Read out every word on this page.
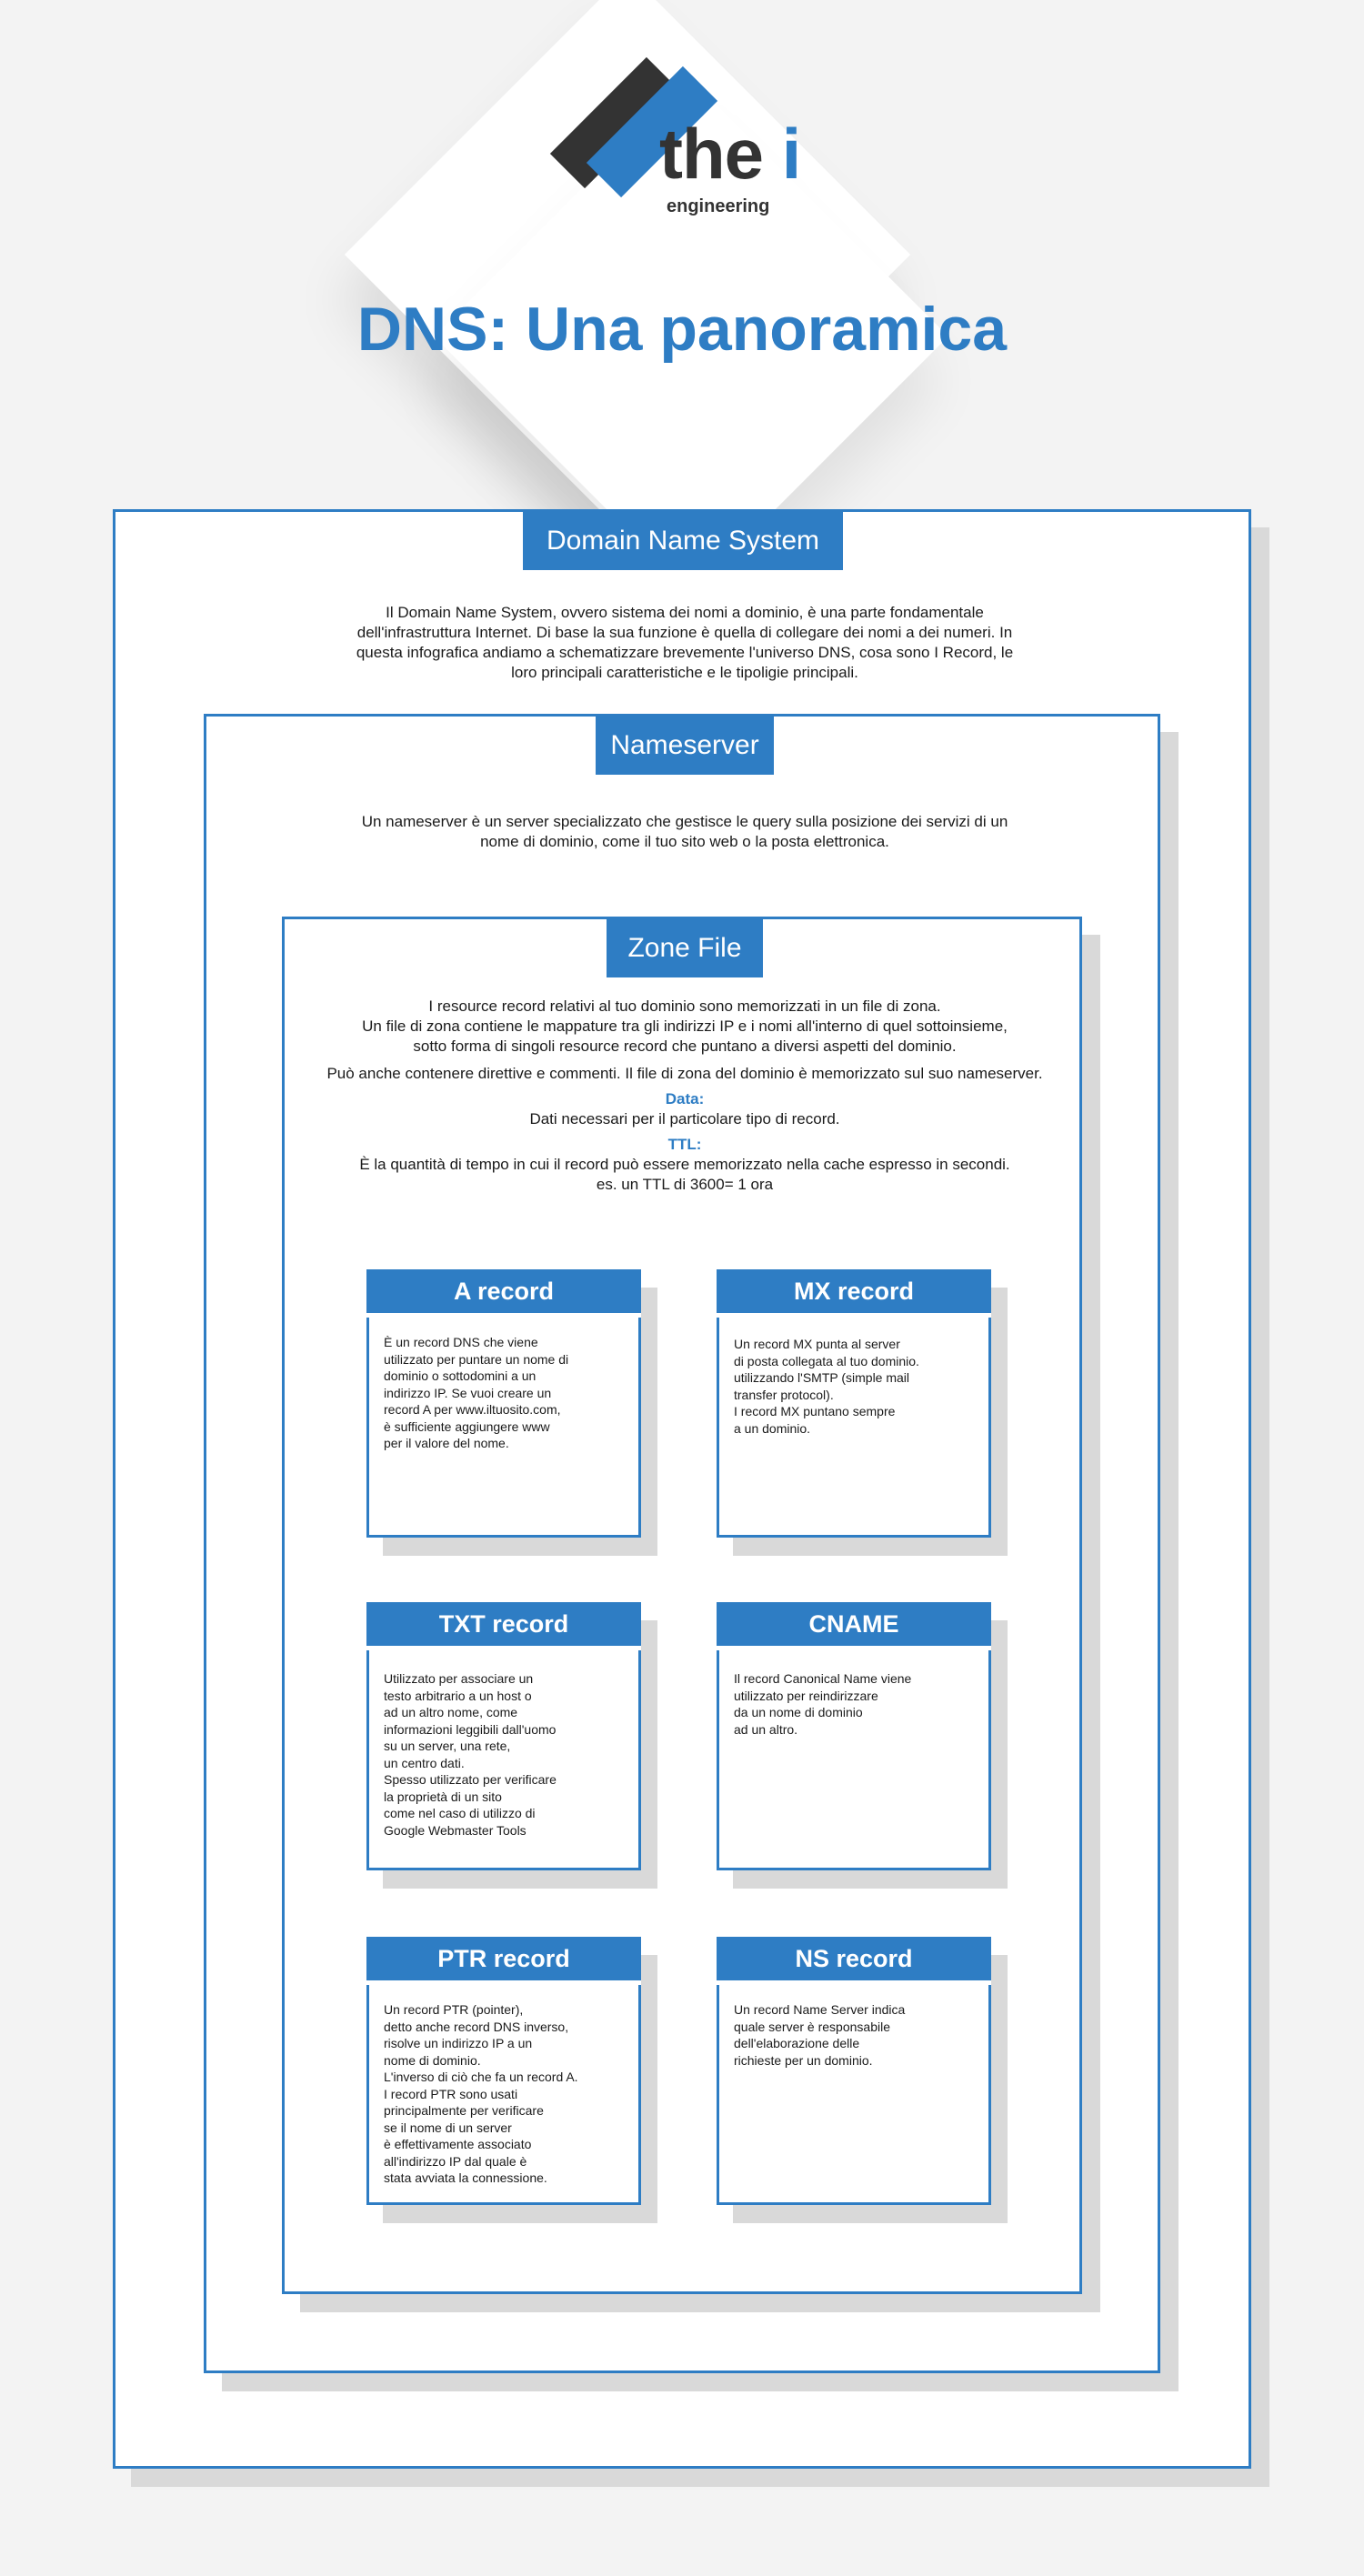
the i
engineering
DNS: Una panoramica
Domain Name System

Il Domain Name System, ovvero sistema dei nomi a dominio, è una parte fondamentale dell'infrastruttura Internet. Di base la sua funzione è quella di collegare dei nomi a dei numeri. In questa infografica andiamo a schematizzare brevemente l'universo DNS, cosa sono I Record, le loro principali caratteristiche e le tipoligie principali.

Nameserver

Un nameserver è un server specializzato che gestisce le query sulla posizione dei servizi di un nome di dominio, come il tuo sito web o la posta elettronica.

Zone File

I resource record relativi al tuo dominio sono memorizzati in un file di zona.

Un file di zona contiene le mappature tra gli indirizzi IP e i nomi all'interno di quel sottoinsieme,

sotto forma di singoli resource record che puntano a diversi aspetti del dominio.

Può anche contenere direttive e commenti. Il file di zona del dominio è memorizzato sul suo nameserver.

Data:

Dati necessari per il particolare tipo di record.

TTL:

È la quantità di tempo in cui il record può essere memorizzato nella cache espresso in secondi.

es. un TTL di 3600= 1 ora

A record

È un record DNS che viene
utilizzato per puntare un nome di
dominio o sottodomini a un
indirizzo IP. Se vuoi creare un
record A per www.iltuosito.com,
è sufficiente aggiungere www
per il valore del nome.

MX record

Un record MX punta al server
di posta collegata al tuo dominio.
utilizzando l'SMTP (simple mail
transfer protocol).
I record MX puntano sempre
a un dominio.

TXT record

Utilizzato per associare un
testo arbitrario a un host o
ad un altro nome, come
informazioni leggibili dall'uomo
su un server, una rete,
un centro dati.
Spesso utilizzato per verificare
la proprietà di un sito
come nel caso di utilizzo di
Google Webmaster Tools

CNAME

Il record Canonical Name viene
utilizzato per reindirizzare
da un nome di dominio
ad un altro.

PTR record

Un record PTR (pointer),
detto anche record DNS inverso,
risolve un indirizzo IP a un
nome di dominio.
L'inverso di ciò che fa un record A.
I record PTR sono usati
principalmente per verificare
se il nome di un server
è effettivamente associato
all'indirizzo IP dal quale è
stata avviata la connessione.

NS record

Un record Name Server indica
quale server è responsabile
dell'elaborazione delle
richieste per un dominio.
